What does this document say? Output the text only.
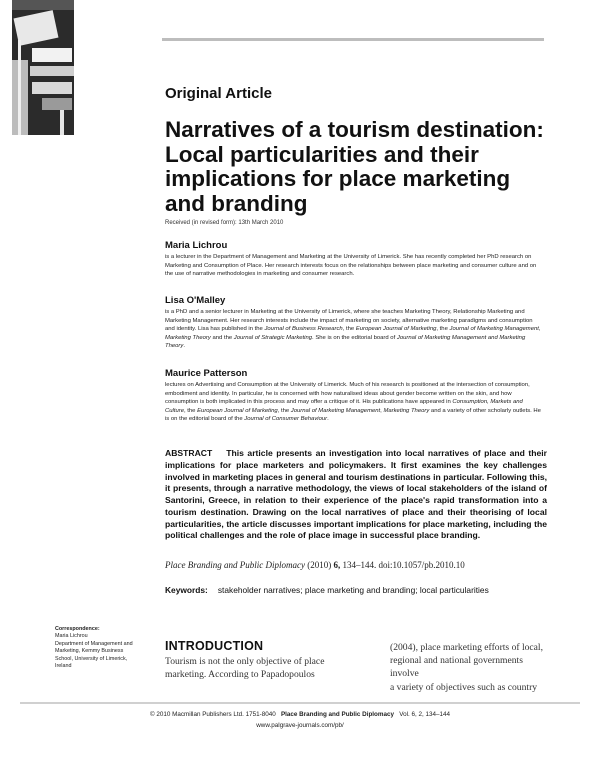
Original Article
Narratives of a tourism destination: Local particularities and their implications for place marketing and branding
Received (in revised form): 13th March 2010
Maria Lichrou
is a lecturer in the Department of Management and Marketing at the University of Limerick. She has recently completed her PhD research on Marketing and Consumption of Place. Her research interests focus on the relationships between place marketing and consumer culture and on the use of narrative methodologies in marketing and consumer research.
Lisa O'Malley
is a PhD and a senior lecturer in Marketing at the University of Limerick, where she teaches Marketing Theory, Relationship Marketing and Marketing Management. Her research interests include the impact of marketing on society, alternative marketing paradigms and consumption and identity. Lisa has published in the Journal of Business Research, the European Journal of Marketing, the Journal of Marketing Management, Marketing Theory and the Journal of Strategic Marketing. She is on the editorial board of Journal of Marketing Management and Marketing Theory.
Maurice Patterson
lectures on Advertising and Consumption at the University of Limerick. Much of his research is positioned at the intersection of consumption, embodiment and identity. In particular, he is concerned with how naturalised ideas about gender become written on the skin, and how consumption is both implicated in this process and may offer a critique of it. His publications have appeared in Consumption, Markets and Culture, the European Journal of Marketing, the Journal of Marketing Management, Marketing Theory and a variety of other scholarly outlets. He is on the editorial board of the Journal of Consumer Behaviour.
ABSTRACT This article presents an investigation into local narratives of place and their implications for place marketers and policymakers. It first examines the key challenges involved in marketing places in general and tourism destinations in particular. Following this, it presents, through a narrative methodology, the views of local stakeholders of the island of Santorini, Greece, in relation to their experience of the place's rapid transformation into a tourism destination. Drawing on the local narratives of place and their theorising of local particularities, the article discusses important implications for place marketing, including the political challenges and the role of place image in successful place branding.
Place Branding and Public Diplomacy (2010) 6, 134–144. doi:10.1057/pb.2010.10
Keywords: stakeholder narratives; place marketing and branding; local particularities
Correspondence:
Maria Lichrou
Department of Management and
Marketing, Kemmy Business
School, University of Limerick,
Ireland
INTRODUCTION
Tourism is not the only objective of place
marketing. According to Papadopoulos
(2004), place marketing efforts of local,
regional and national governments involve
a variety of objectives such as country
© 2010 Macmillan Publishers Ltd. 1751-8040 Place Branding and Public Diplomacy Vol. 6, 2, 134–144
www.palgrave-journals.com/pb/
